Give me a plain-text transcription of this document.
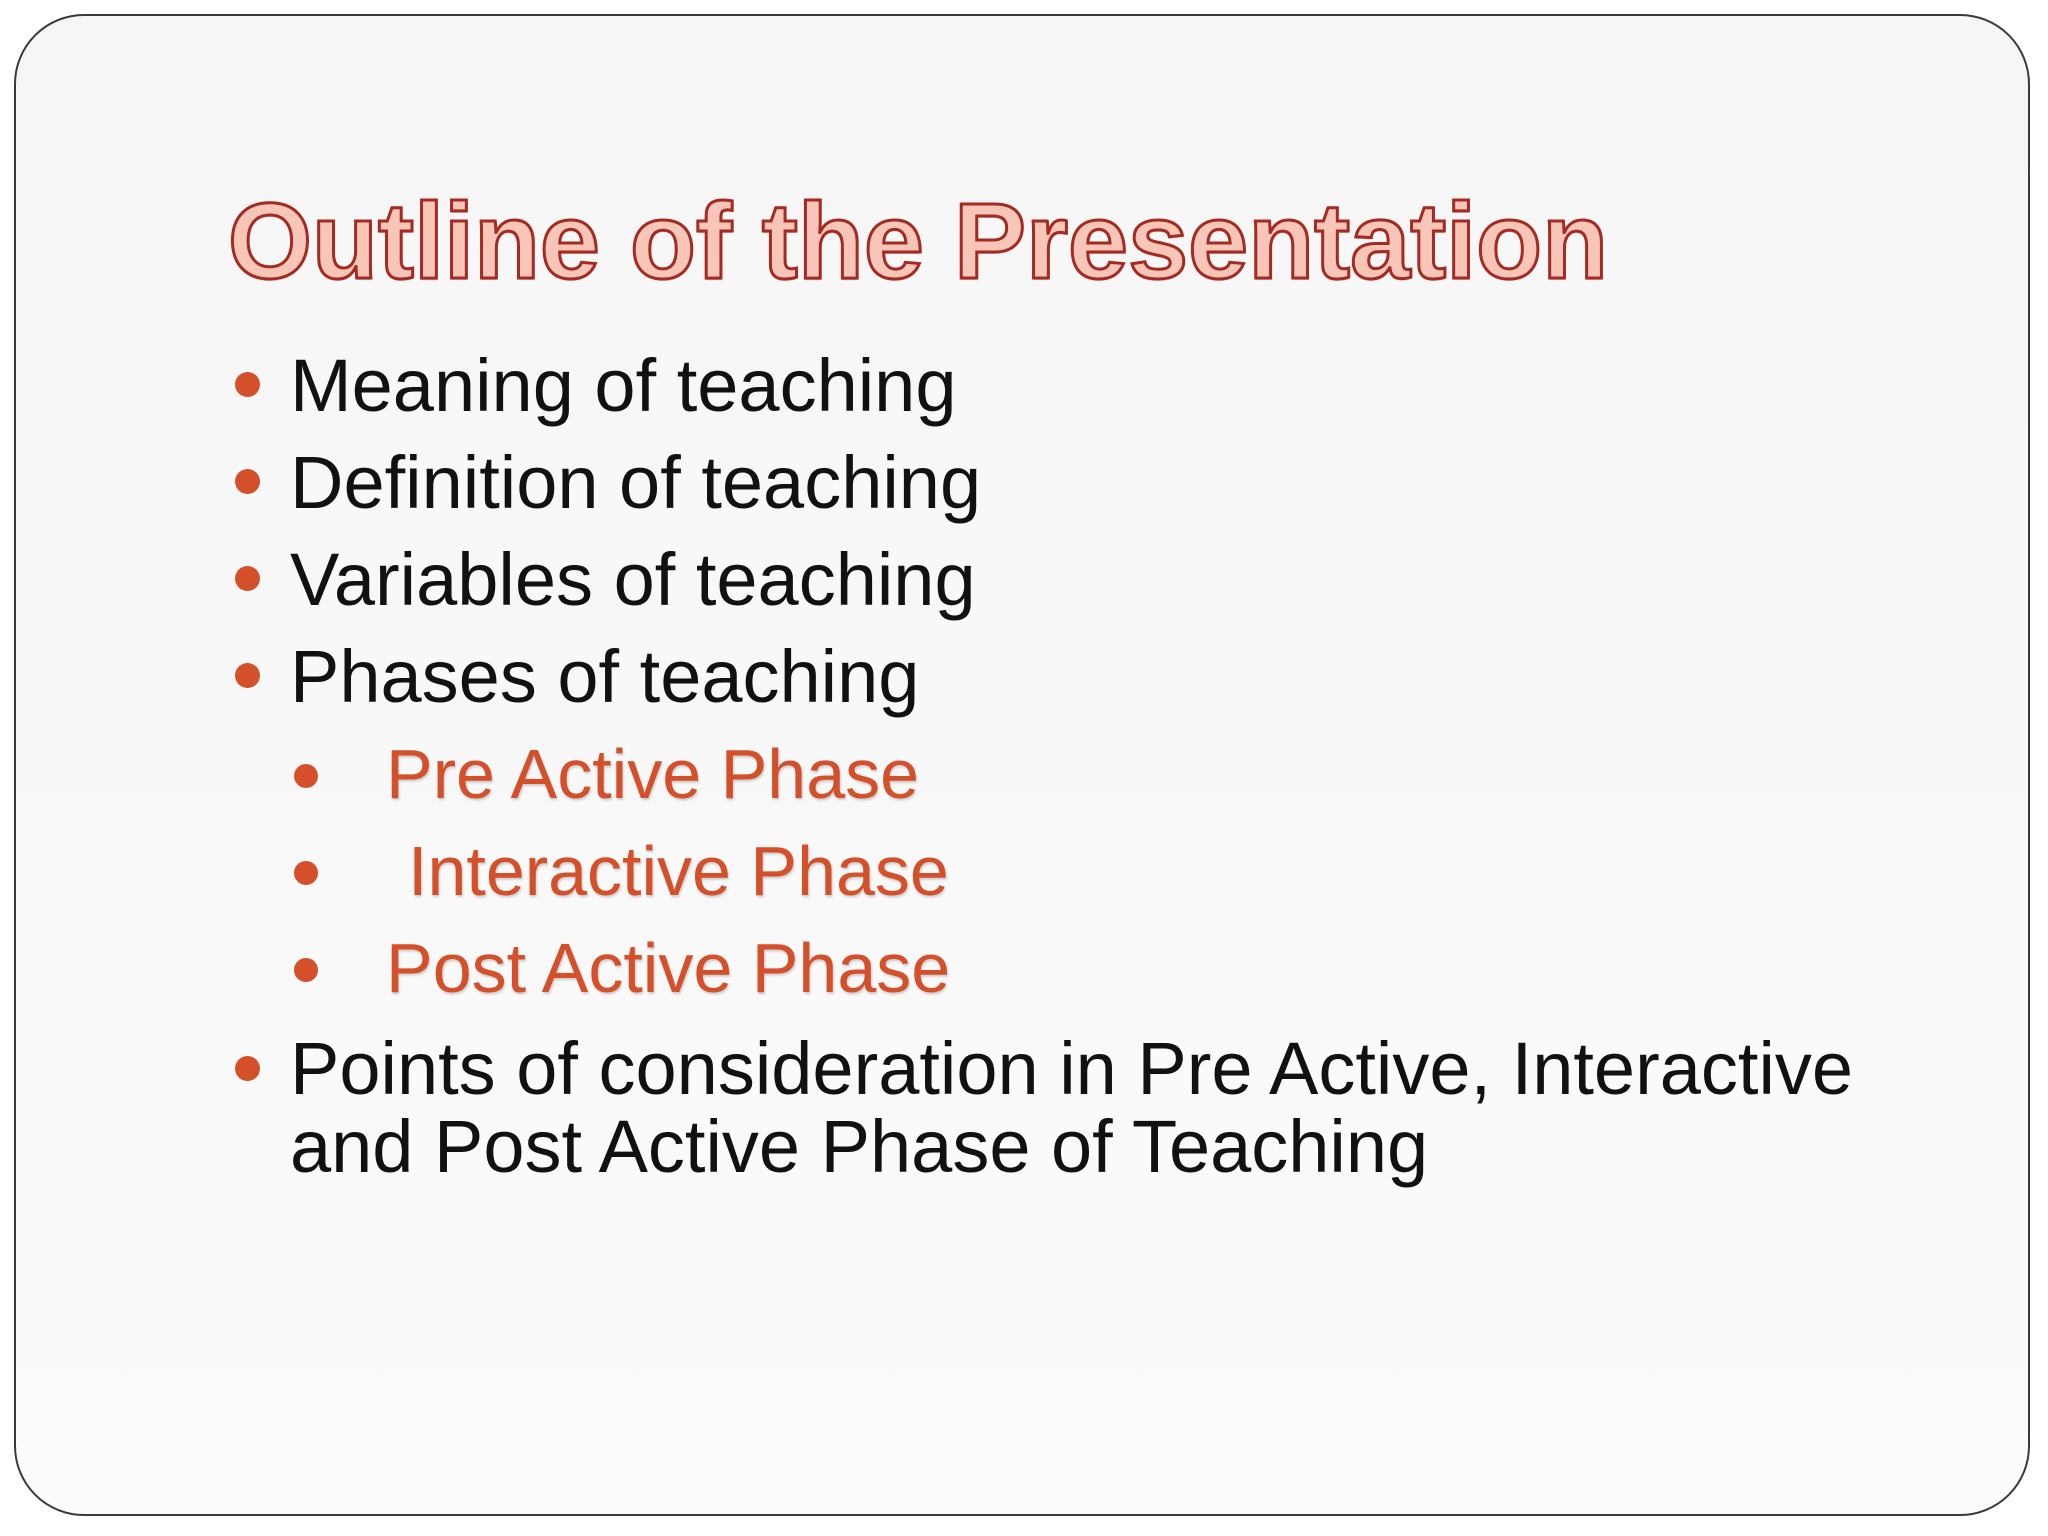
Outline of the Presentation
Meaning of teaching
Definition of teaching
Variables of teaching
Phases of teaching
Pre Active Phase
Interactive Phase
Post Active Phase
Points of consideration in Pre Active, Interactive
and Post Active Phase of Teaching
